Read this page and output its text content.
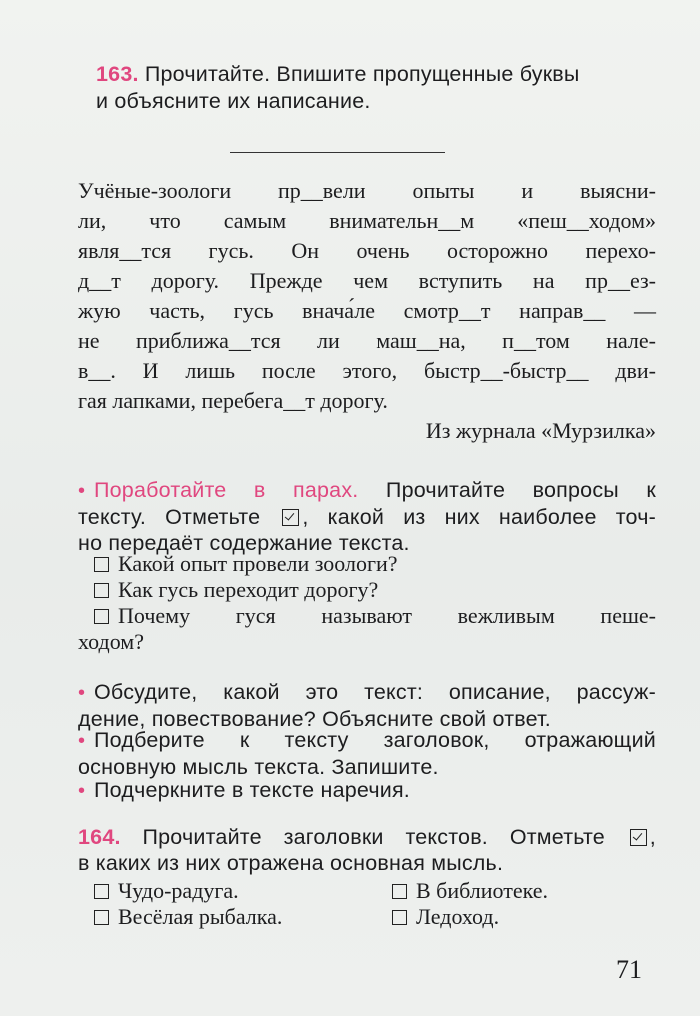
163. Прочитайте. Впишите пропущенные буквы
и объясните их написание.
Учёные-зоологи пр__вели опыты и выясни-
ли, что самым внимательн__м «пеш__ходом»
явля__тся гусь. Он очень осторожно перехо-
д__т дорогу. Прежде чем вступить на пр__ез-
жую часть, гусь внача́ле смотр__т направ__ —
не приближа__тся ли маш__на, п__том нале-
в__. И лишь после этого, быстр__-быстр__ дви-
гая лапками, перебега__т дорогу.
Из журнала «Мурзилка»
• Поработайте в парах. Прочитайте вопросы к
тексту. Отметьте , какой из них наиболее точ-
но передаёт содержание текста.
Какой опыт провели зоологи?
Как гусь переходит дорогу?
Почему гуся называют вежливым пеше-
ходом?
• Обсудите, какой это текст: описание, рассуж-
дение, повествование? Объясните свой ответ.
• Подберите к тексту заголовок, отражающий
основную мысль текста. Запишите.
• Подчеркните в тексте наречия.
164. Прочитайте заголовки текстов. Отметьте ,
в каких из них отражена основная мысль.
Чудо-радуга.	В библиотеке.
Весёлая рыбалка.	Ледоход.
71
